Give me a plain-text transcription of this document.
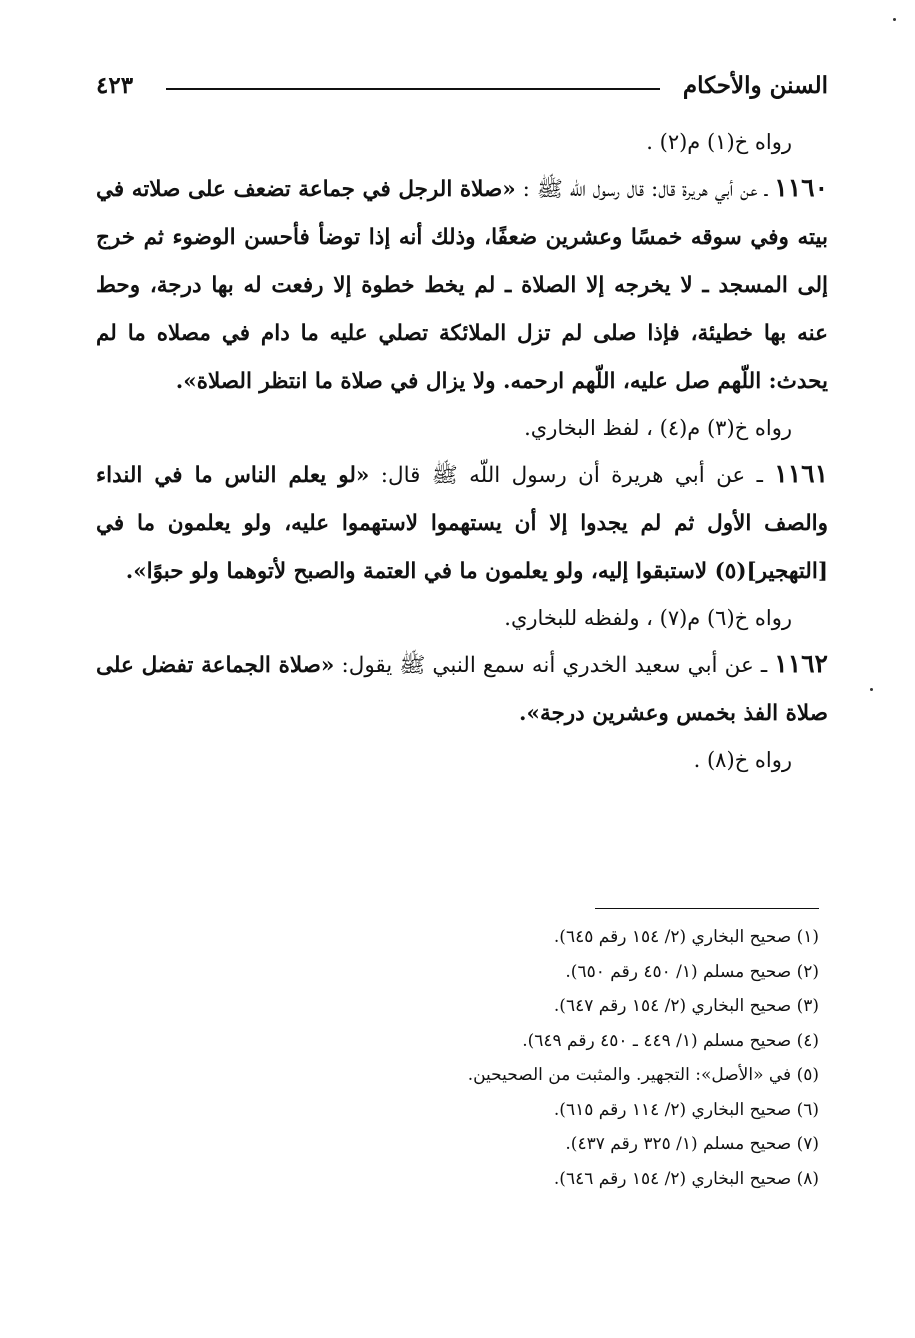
السنن والأحكام
٤٢٣

رواه خ(١) م(٢) .

١١٦٠ ـ عن أبي هريرة قال: قال رسول اللّه ﷺ : «صلاة الرجل في جماعة تضعف على صلاته في بيته وفي سوقه خمسًا وعشرين ضعفًا، وذلك أنه إذا توضأ فأحسن الوضوء ثم خرج إلى المسجد ـ لا يخرجه إلا الصلاة ـ لم يخط خطوة إلا رفعت له بها درجة، وحط عنه بها خطيئة، فإذا صلى لم تزل الملائكة تصلي عليه ما دام في مصلاه ما لم يحدث: اللّهم صل عليه، اللّهم ارحمه. ولا يزال في صلاة ما انتظر الصلاة».

رواه خ(٣) م(٤) ، لفظ البخاري.

١١٦١ ـ عن أبي هريرة أن رسول اللّه ﷺ قال: «لو يعلم الناس ما في النداء والصف الأول ثم لم يجدوا إلا أن يستهموا لاستهموا عليه، ولو يعلمون ما في [التهجير](٥) لاستبقوا إليه، ولو يعلمون ما في العتمة والصبح لأتوهما ولو حبوًا».

رواه خ(٦) م(٧) ، ولفظه للبخاري.

١١٦٢ ـ عن أبي سعيد الخدري أنه سمع النبي ﷺ يقول: «صلاة الجماعة تفضل على صلاة الفذ بخمس وعشرين درجة».

رواه خ(٨) .

(١) صحيح البخاري (٢/ ١٥٤ رقم ٦٤٥).
(٢) صحيح مسلم (١/ ٤٥٠ رقم ٦٥٠).
(٣) صحيح البخاري (٢/ ١٥٤ رقم ٦٤٧).
(٤) صحيح مسلم (١/ ٤٤٩ ـ ٤٥٠ رقم ٦٤٩).
(٥) في «الأصل»: التجهير. والمثبت من الصحيحين.
(٦) صحيح البخاري (٢/ ١١٤ رقم ٦١٥).
(٧) صحيح مسلم (١/ ٣٢٥ رقم ٤٣٧).
(٨) صحيح البخاري (٢/ ١٥٤ رقم ٦٤٦).
